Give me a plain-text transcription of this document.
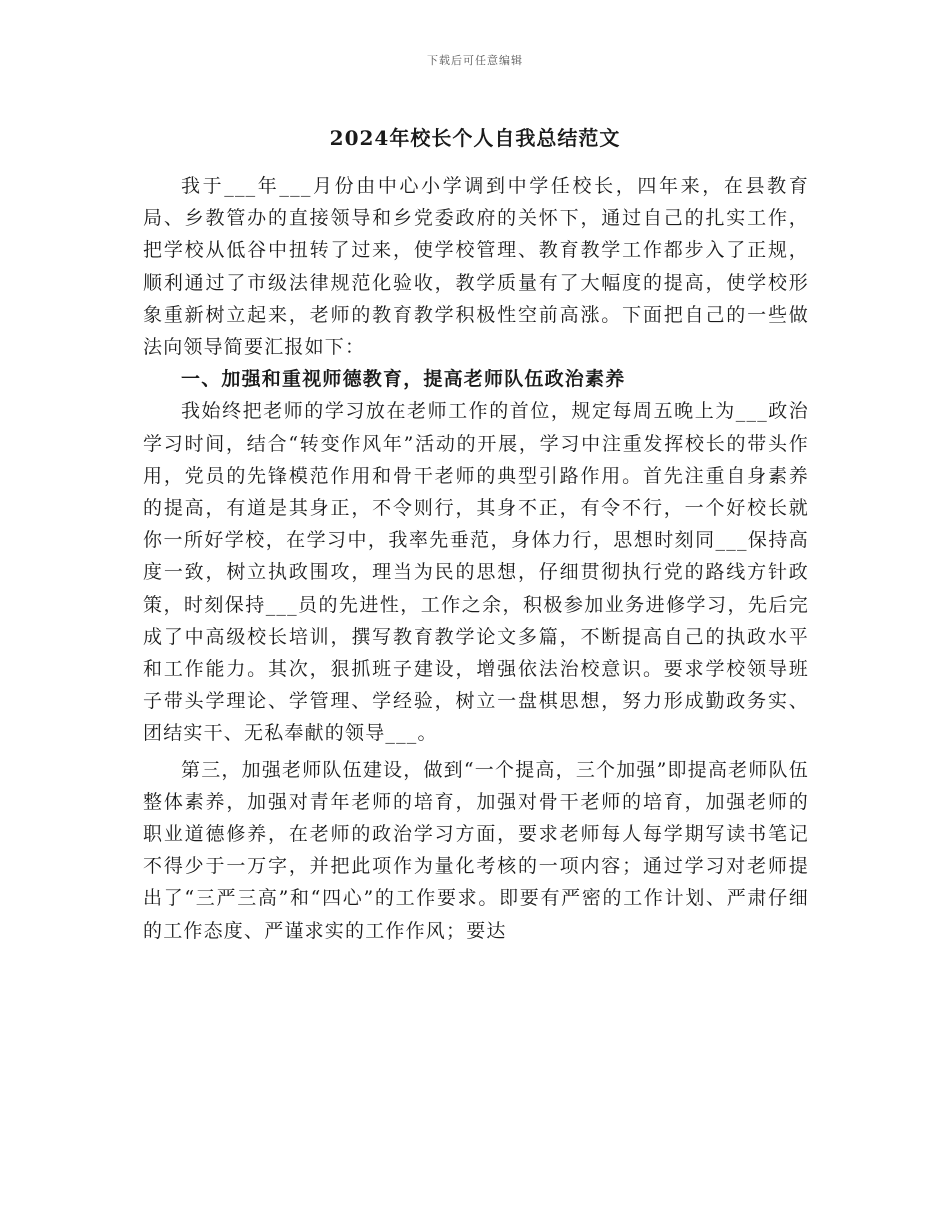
下载后可任意编辑
2024年校长个人自我总结范文

我于___年___月份由中心小学调到中学任校长，四年来，在县教育局、乡教管办的直接领导和乡党委政府的关怀下，通过自己的扎实工作，把学校从低谷中扭转了过来，使学校管理、教育教学工作都步入了正规，顺利通过了市级法律规范化验收，教学质量有了大幅度的提高，使学校形象重新树立起来，老师的教育教学积极性空前高涨。下面把自己的一些做法向领导简要汇报如下：

一、加强和重视师德教育，提高老师队伍政治素养

我始终把老师的学习放在老师工作的首位，规定每周五晚上为___政治学习时间，结合“转变作风年”活动的开展，学习中注重发挥校长的带头作用，党员的先锋模范作用和骨干老师的典型引路作用。首先注重自身素养的提高，有道是其身正，不令则行，其身不正，有令不行，一个好校长就你一所好学校，在学习中，我率先垂范，身体力行，思想时刻同___保持高度一致，树立执政围攻，理当为民的思想，仔细贯彻执行党的路线方针政策，时刻保持___员的先进性，工作之余，积极参加业务进修学习，先后完成了中高级校长培训，撰写教育教学论文多篇，不断提高自己的执政水平和工作能力。其次，狠抓班子建设，增强依法治校意识。要求学校领导班子带头学理论、学管理、学经验，树立一盘棋思想，努力形成勤政务实、团结实干、无私奉献的领导___。

第三，加强老师队伍建设，做到“一个提高，三个加强”即提高老师队伍整体素养，加强对青年老师的培育，加强对骨干老师的培育，加强老师的职业道德修养，在老师的政治学习方面，要求老师每人每学期写读书笔记不得少于一万字，并把此项作为量化考核的一项内容；通过学习对老师提出了“三严三高”和“四心”的工作要求。即要有严密的工作计划、严肃仔细的工作态度、严谨求实的工作作风；要达
